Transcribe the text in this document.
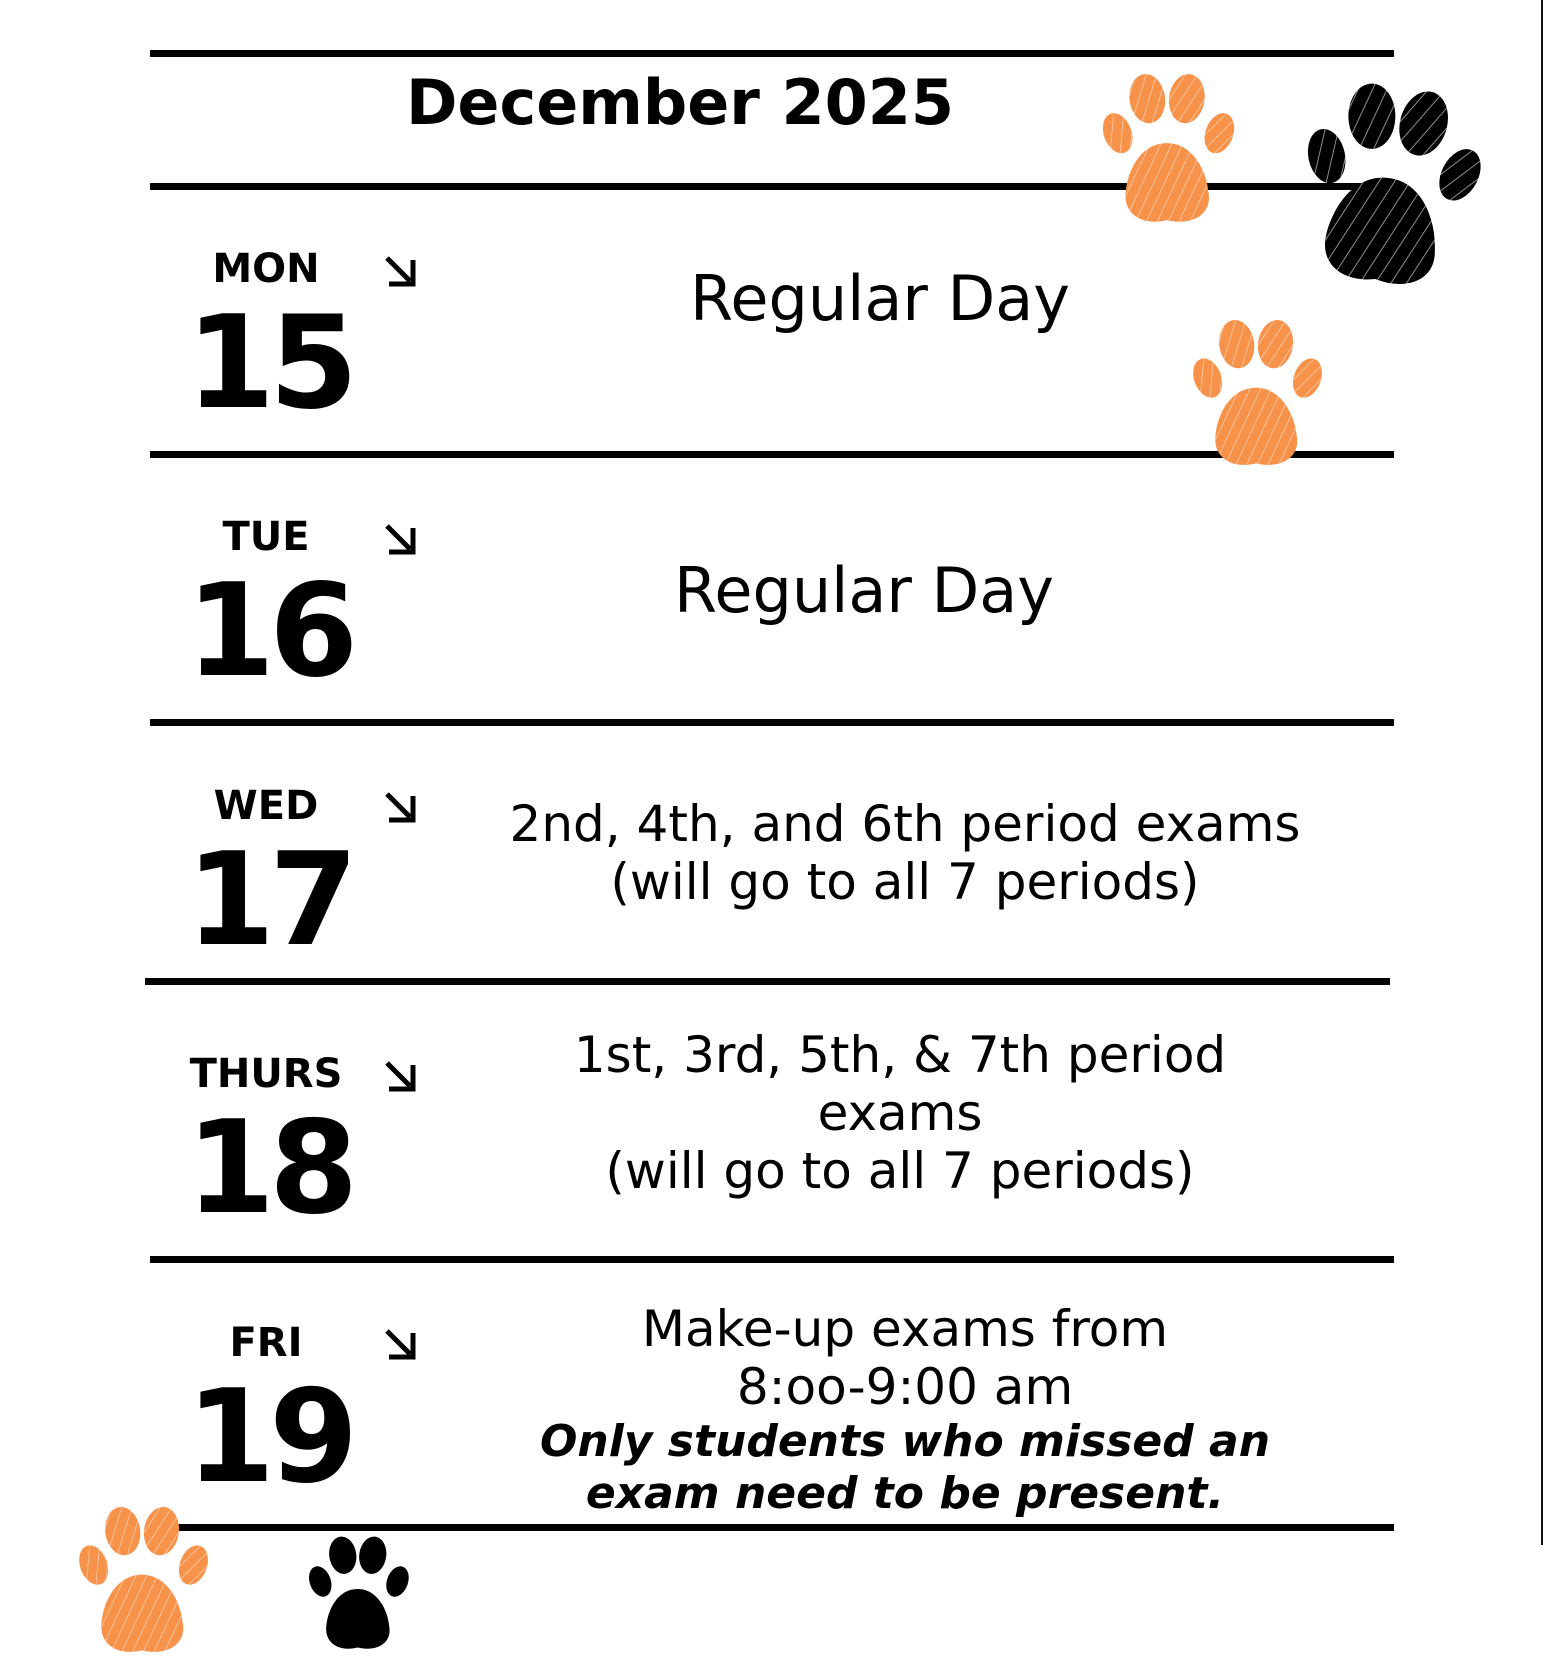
December 2025
MON
15	Regular Day
TUE
16	Regular Day
WED
17
2nd, 4th, and 6th period exams
(will go to all 7 periods)
THURS
18
1st, 3rd, 5th, & 7th period
exams
(will go to all 7 periods)
FRI
19
Make-up exams from
8:oo-9:00 am
Only students who missed an
exam need to be present.
